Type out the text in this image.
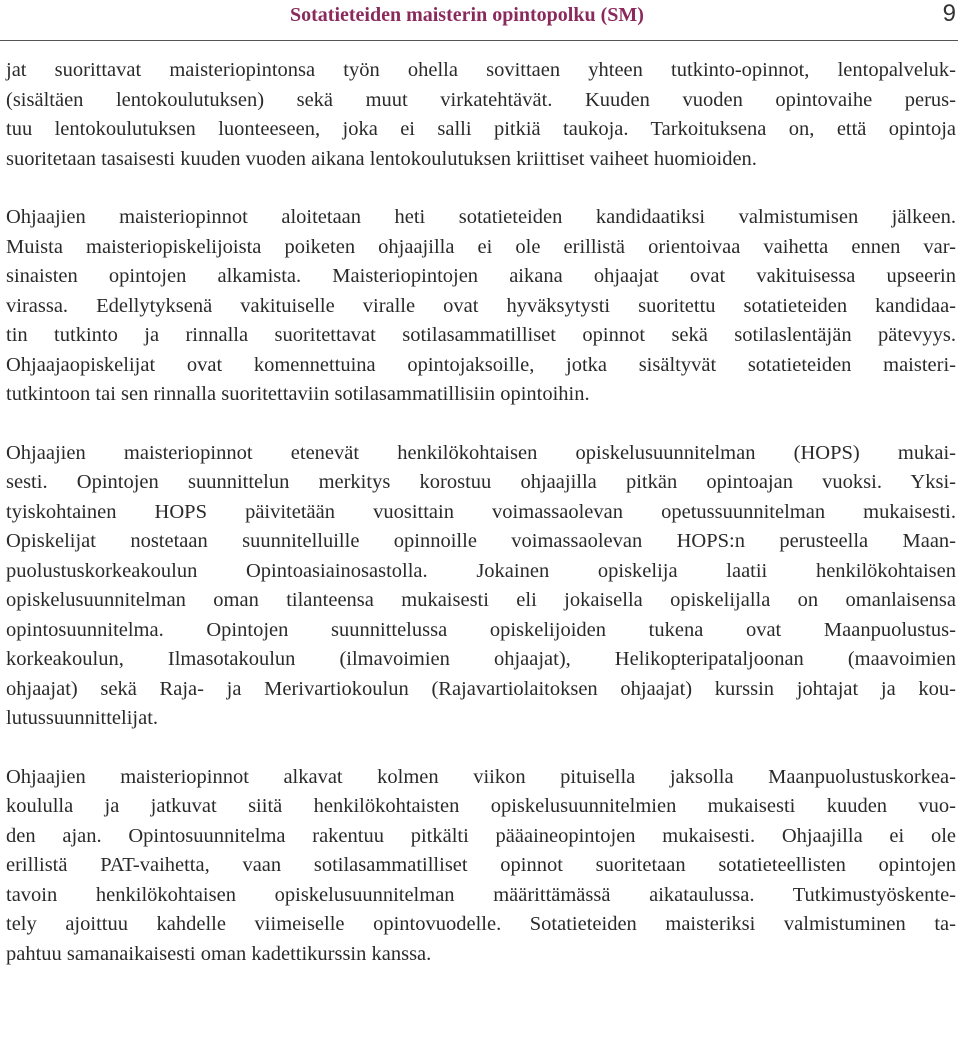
Sotatieteiden maisterin opintopolku (SM)	9
jat suorittavat maisteriopintonsa työn ohella sovittaen yhteen tutkinto-opinnot, lentopalveluk-
(sisältäen lentokoulutuksen) sekä muut virkatehtävät. Kuuden vuoden opintovaihe perus-
tuu lentokoulutuksen luonteeseen, joka ei salli pitkiä taukoja. Tarkoituksena on, että opintoja
suoritetaan tasaisesti kuuden vuoden aikana lentokoulutuksen kriittiset vaiheet huomioiden.
Ohjaajien maisteriopinnot aloitetaan heti sotatieteiden kandidaatiksi valmistumisen jälkeen.
Muista maisteriopiskelijoista poiketen ohjaajilla ei ole erillistä orientoivaa vaihetta ennen var-
sinaisten opintojen alkamista. Maisteriopintojen aikana ohjaajat ovat vakituisessa upseerin
virassa. Edellytyksenä vakituiselle viralle ovat hyväksytysti suoritettu sotatieteiden kandidaa-
tin tutkinto ja rinnalla suoritettavat sotilasammatilliset opinnot sekä sotilaslentäjän pätevyys.
Ohjaajaopiskelijat ovat komennettuina opintojaksoille, jotka sisältyvät sotatieteiden maisteri-
tutkintoon tai sen rinnalla suoritettaviin sotilasammatillisiin opintoihin.
Ohjaajien maisteriopinnot etenevät henkilökohtaisen opiskelusuunnitelman (HOPS) mukai-
sesti. Opintojen suunnittelun merkitys korostuu ohjaajilla pitkän opintoajan vuoksi. Yksi-
tyiskohtainen HOPS päivitetään vuosittain voimassaolevan opetussuunnitelman mukaisesti.
Opiskelijat nostetaan suunnitelluille opinnoille voimassaolevan HOPS:n perusteella Maan-
puolustuskorkeakoulun Opintoasiainosastolla. Jokainen opiskelija laatii henkilökohtaisen
opiskelusuunnitelman oman tilanteensa mukaisesti eli jokaisella opiskelijalla on omanlaisensa
opintosuunnitelma. Opintojen suunnittelussa opiskelijoiden tukena ovat Maanpuolustus-
korkeakoulun, Ilmasotakoulun (ilmavoimien ohjaajat), Helikopteripataljoonan (maavoimien
ohjaajat) sekä Raja- ja Merivartiokoulun (Rajavartiolaitoksen ohjaajat) kurssin johtajat ja kou-
lutussuunnittelijat.
Ohjaajien maisteriopinnot alkavat kolmen viikon pituisella jaksolla Maanpuolustuskorkea-
koululla ja jatkuvat siitä henkilökohtaisten opiskelusuunnitelmien mukaisesti kuuden vuo-
den ajan. Opintosuunnitelma rakentuu pitkälti pääaineopintojen mukaisesti. Ohjaajilla ei ole
erillistä PAT-vaihetta, vaan sotilasammatilliset opinnot suoritetaan sotatieteellisten opintojen
tavoin henkilökohtaisen opiskelusuunnitelman määrittämässä aikataulussa. Tutkimustyöskente-
tely ajoittuu kahdelle viimeiselle opintovuodelle. Sotatieteiden maisteriksi valmistuminen ta-
pahtuu samanaikaisesti oman kadettikurssin kanssa.
